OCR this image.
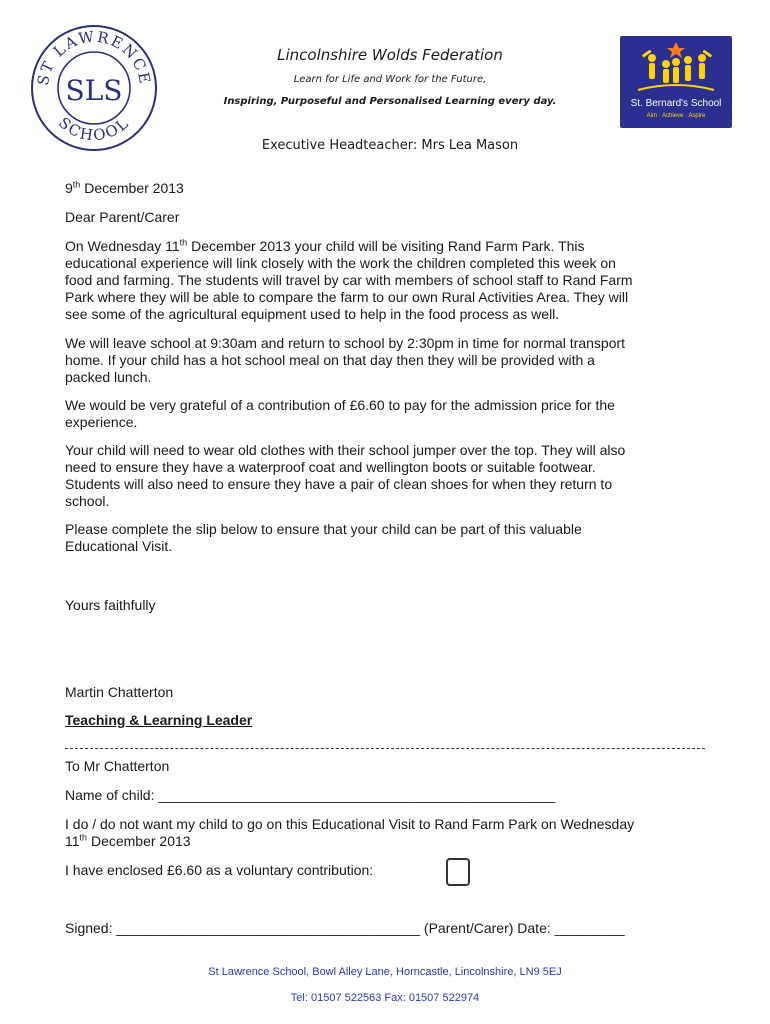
ST LAWRENCE
SCHOOL
SLS
Lincolnshire Wolds Federation
Learn for Life and Work for the Future,
Inspiring, Purposeful and Personalised Learning every day.	St. Bernard's School
Aim · Achieve · Aspire
Executive Headteacher: Mrs Lea Mason
9th December 2013
Dear Parent/Carer
On Wednesday 11th December 2013 your child will be visiting Rand Farm Park. This
educational experience will link closely with the work the children completed this week on
food and farming. The students will travel by car with members of school staff to Rand Farm
Park where they will be able to compare the farm to our own Rural Activities Area. They will
see some of the agricultural equipment used to help in the food process as well.
We will leave school at 9:30am and return to school by 2:30pm in time for normal transport
home. If your child has a hot school meal on that day then they will be provided with a
packed lunch.
We would be very grateful of a contribution of £6.60 to pay for the admission price for the
experience.
Your child will need to wear old clothes with their school jumper over the top. They will also
need to ensure they have a waterproof coat and wellington boots or suitable footwear.
Students will also need to ensure they have a pair of clean shoes for when they return to
school.
Please complete the slip below to ensure that your child can be part of this valuable
Educational Visit.
Yours faithfully
Martin Chatterton
Teaching & Learning Leader
To Mr Chatterton
Name of child: ___________________________________________________
I do / do not want my child to go on this Educational Visit to Rand Farm Park on Wednesday
11th December 2013
I have enclosed £6.60 as a voluntary contribution:
Signed: _______________________________________ (Parent/Carer) Date: _________
St Lawrence School, Bowl Alley Lane, Horncastle, Lincolnshire, LN9 5EJ
Tel: 01507 522563 Fax: 01507 522974
